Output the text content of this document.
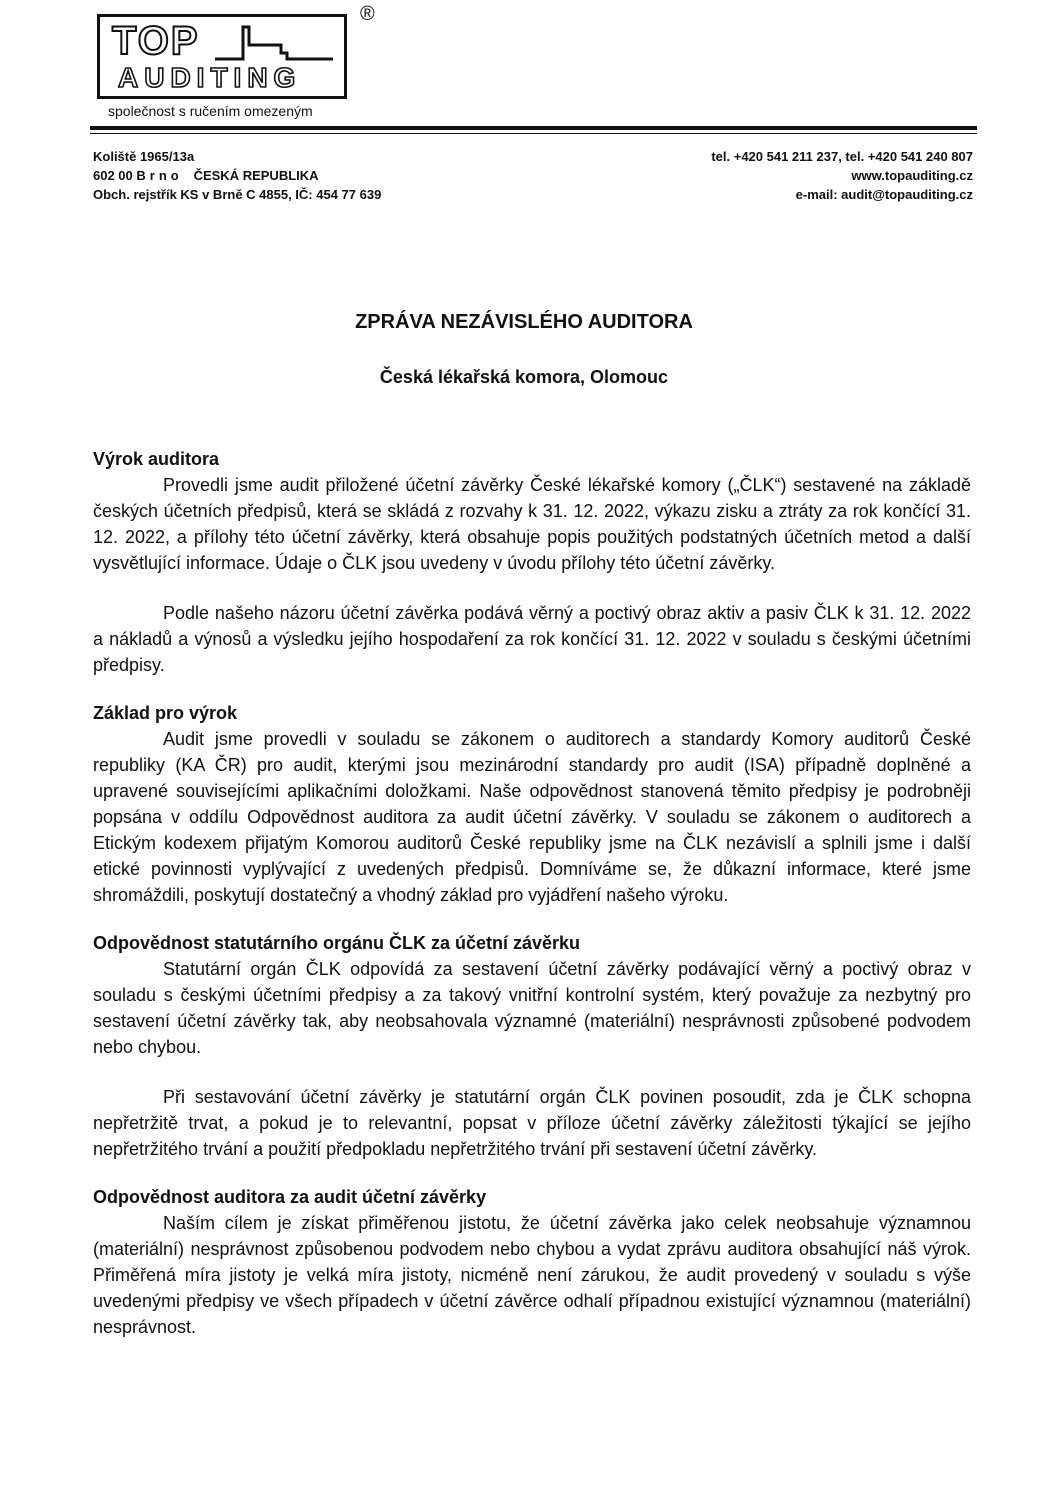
TOP
AUDITING
®
společnost s ručením omezeným
Koliště 1965/13a
602 00 Brno ČESKÁ REPUBLIKA
Obch. rejstřík KS v Brně C 4855, IČ: 454 77 639
tel. +420 541 211 237, tel. +420 541 240 807
www.topauditing.cz
e-mail: audit@topauditing.cz
ZPRÁVA NEZÁVISLÉHO AUDITORA
Česká lékařská komora, Olomouc
Výrok auditora

Provedli jsme audit přiložené účetní závěrky České lékařské komory („ČLK“) sestavené na základě českých účetních předpisů, která se skládá z rozvahy k 31. 12. 2022, výkazu zisku a ztráty za rok končící 31. 12. 2022, a přílohy této účetní závěrky, která obsahuje popis použitých podstatných účetních metod a další vysvětlující informace. Údaje o ČLK jsou uvedeny v úvodu přílohy této účetní závěrky.

Podle našeho názoru účetní závěrka podává věrný a poctivý obraz aktiv a pasiv ČLK k 31. 12. 2022 a nákladů a výnosů a výsledku jejího hospodaření za rok končící 31. 12. 2022 v souladu s českými účetními předpisy.

Základ pro výrok

Audit jsme provedli v souladu se zákonem o auditorech a standardy Komory auditorů České republiky (KA ČR) pro audit, kterými jsou mezinárodní standardy pro audit (ISA) případně doplněné a upravené souvisejícími aplikačními doložkami. Naše odpovědnost stanovená těmito předpisy je podrobněji popsána v oddílu Odpovědnost auditora za audit účetní závěrky. V souladu se zákonem o auditorech a Etickým kodexem přijatým Komorou auditorů České republiky jsme na ČLK nezávislí a splnili jsme i další etické povinnosti vyplývající z uvedených předpisů. Domníváme se, že důkazní informace, které jsme shromáždili, poskytují dostatečný a vhodný základ pro vyjádření našeho výroku.

Odpovědnost statutárního orgánu ČLK za účetní závěrku

Statutární orgán ČLK odpovídá za sestavení účetní závěrky podávající věrný a poctivý obraz v souladu s českými účetními předpisy a za takový vnitřní kontrolní systém, který považuje za nezbytný pro sestavení účetní závěrky tak, aby neobsahovala významné (materiální) nesprávnosti způsobené podvodem nebo chybou.

Při sestavování účetní závěrky je statutární orgán ČLK povinen posoudit, zda je ČLK schopna nepřetržitě trvat, a pokud je to relevantní, popsat v příloze účetní závěrky záležitosti týkající se jejího nepřetržitého trvání a použití předpokladu nepřetržitého trvání při sestavení účetní závěrky.

Odpovědnost auditora za audit účetní závěrky

Naším cílem je získat přiměřenou jistotu, že účetní závěrka jako celek neobsahuje významnou (materiální) nesprávnost způsobenou podvodem nebo chybou a vydat zprávu auditora obsahující náš výrok. Přiměřená míra jistoty je velká míra jistoty, nicméně není zárukou, že audit provedený v souladu s výše uvedenými předpisy ve všech případech v účetní závěrce odhalí případnou existující významnou (materiální) nesprávnost.
